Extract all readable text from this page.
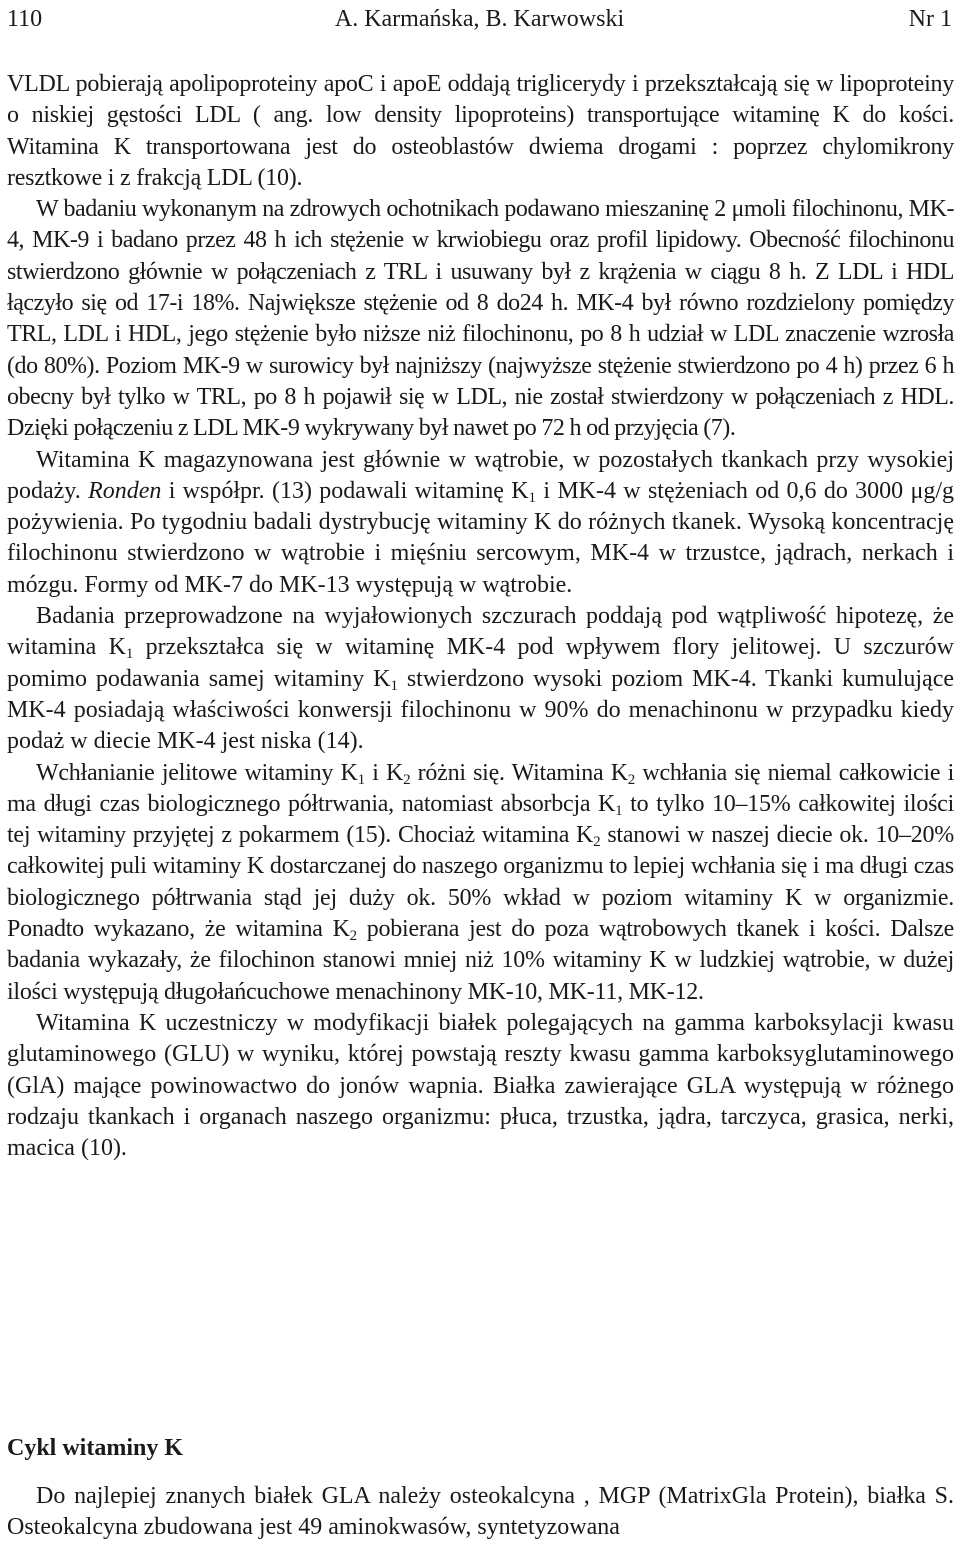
110	A. Karmańska, B. Karwowski	Nr 1

VLDL pobierają apolipoproteiny apoC i apoE oddają triglicerydy i przekształcają się w lipoproteiny o niskiej gęstości LDL ( ang. low density lipoproteins) transportujące witaminę K do kości. Witamina K transportowana jest do osteoblastów dwiema drogami : poprzez chylomikrony resztkowe i z frakcją LDL (10).

W badaniu wykonanym na zdrowych ochotnikach podawano mieszaninę 2 μmoli filochinonu, MK-4, MK-9 i badano przez 48 h ich stężenie w krwiobiegu oraz profil lipidowy. Obecność filochinonu stwierdzono głównie w połączeniach z TRL i usuwany był z krążenia w ciągu 8 h. Z LDL i HDL łączyło się od 17-i 18%. Największe stężenie od 8 do24 h. MK-4 był równo rozdzielony pomiędzy TRL, LDL i HDL, jego stężenie było niższe niż filochinonu, po 8 h udział w LDL znaczenie wzrosła (do 80%). Poziom MK-9 w surowicy był najniższy (najwyższe stężenie stwierdzono po 4 h) przez 6 h obecny był tylko w TRL, po 8 h pojawił się w LDL, nie został stwierdzony w połączeniach z HDL. Dzięki połączeniu z LDL MK-9 wykrywany był nawet po 72 h od przyjęcia (7).

Witamina K magazynowana jest głównie w wątrobie, w pozostałych tkankach przy wysokiej podaży. Ronden i współpr. (13) podawali witaminę $K_1$ i MK-4 w stężeniach od 0,6 do 3000 μg/g pożywienia. Po tygodniu badali dystrybucję witaminy K do różnych tkanek. Wysoką koncentrację filochinonu stwierdzono w wątrobie i mięśniu sercowym, MK-4 w trzustce, jądrach, nerkach i mózgu. Formy od MK-7 do MK-13 występują w wątrobie.

Badania przeprowadzone na wyjałowionych szczurach poddają pod wątpliwość hipotezę, że witamina $K_1$ przekształca się w witaminę MK-4 pod wpływem flory jelitowej. U szczurów pomimo podawania samej witaminy $K_1$ stwierdzono wysoki poziom MK-4. Tkanki kumulujące MK-4 posiadają właściwości konwersji filochinonu w 90% do menachinonu w przypadku kiedy podaż w diecie MK-4 jest niska (14).

Wchłanianie jelitowe witaminy $K_1$ i $K_2$ różni się. Witamina $K_2$ wchłania się niemal całkowicie i ma długi czas biologicznego półtrwania, natomiast absorbcja $K_1$ to tylko 10–15% całkowitej ilości tej witaminy przyjętej z pokarmem (15). Chociaż witamina $K_2$ stanowi w naszej diecie ok. 10–20% całkowitej puli witaminy K dostarczanej do naszego organizmu to lepiej wchłania się i ma długi czas biologicznego półtrwania stąd jej duży ok. 50% wkład w poziom witaminy K w organizmie. Ponadto wykazano, że witamina $K_2$ pobierana jest do poza wątrobowych tkanek i kości. Dalsze badania wykazały, że filochinon stanowi mniej niż 10% witaminy K w ludzkiej wątrobie, w dużej ilości występują długołańcuchowe menachinony MK-10, MK-11, MK-12.

Witamina K uczestniczy w modyfikacji białek polegających na gamma karboksylacji kwasu glutaminowego (GLU) w wyniku, której powstają reszty kwasu gamma karboksyglutaminowego (GlA) mające powinowactwo do jonów wapnia. Białka zawierające GLA występują w różnego rodzaju tkankach i organach naszego organizmu: płuca, trzustka, jądra, tarczyca, grasica, nerki, macica (10).

Cykl witaminy K

Do najlepiej znanych białek GLA należy osteokalcyna , MGP (MatrixGla Protein), białka S. Osteokalcyna zbudowana jest 49 aminokwasów, syntetyzowana
